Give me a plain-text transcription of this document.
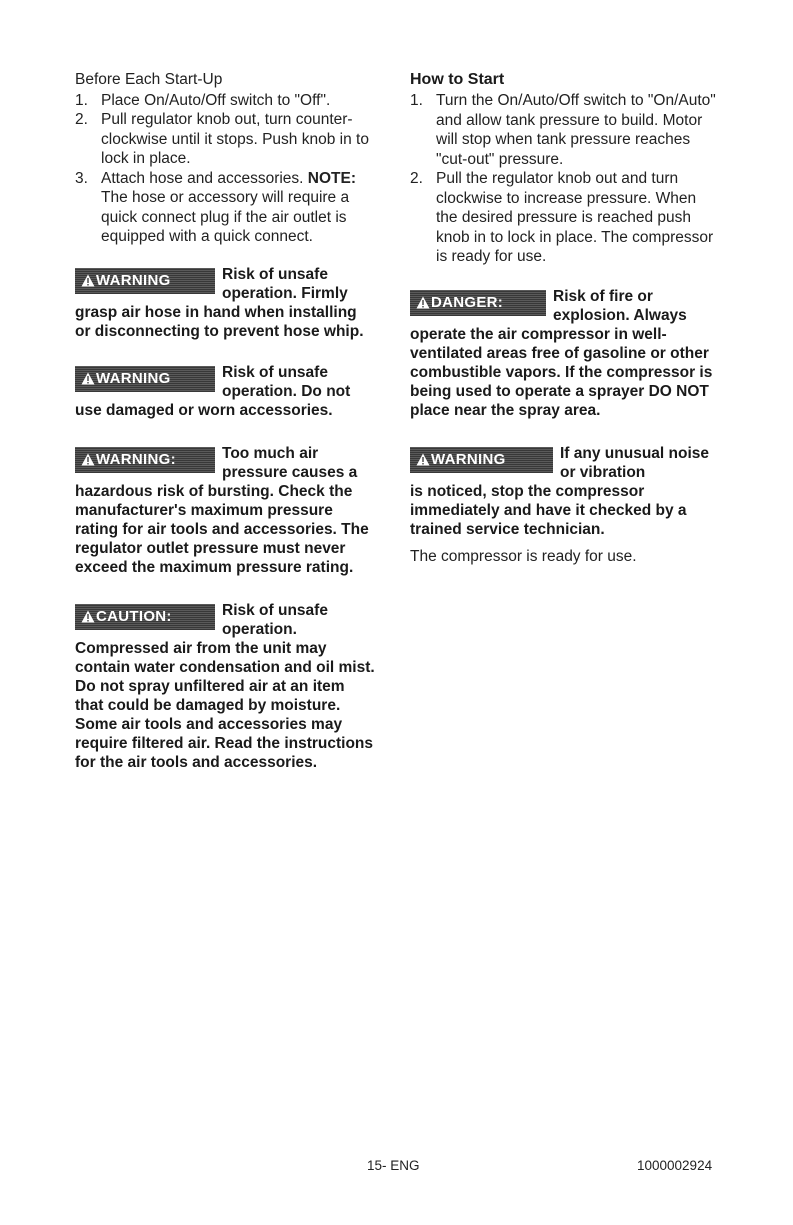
Before Each Start-Up
1. Place On/Auto/Off switch to "Off".
2. Pull regulator knob out, turn counter-clockwise until it stops. Push knob in to lock in place.
3. Attach hose and accessories. NOTE: The hose or accessory will require a quick connect plug if the air outlet is equipped with a quick connect.
WARNING	Risk of unsafe operation. Firmly
grasp air hose in hand when installing or disconnecting to prevent hose whip.
WARNING	Risk of unsafe operation. Do not
use damaged or worn accessories.
WARNING:	Too much air pressure causes a
hazardous risk of bursting. Check the manufacturer's maximum pressure rating for air tools and accessories. The regulator outlet pressure must never exceed the maximum pressure rating.
CAUTION:	Risk of unsafe operation.
Compressed air from the unit may contain water condensation and oil mist. Do not spray unfiltered air at an item that could be damaged by moisture. Some air tools and accessories may require filtered air. Read the instructions for the air tools and accessories.
How to Start
1. Turn the On/Auto/Off switch to "On/Auto" and allow tank pressure to build. Motor will stop when tank pressure reaches "cut-out" pressure.
2. Pull the regulator knob out and turn clockwise to increase pressure. When the desired pressure is reached push knob in to lock in place. The compressor is ready for use.
DANGER:	Risk of fire or explosion. Always
operate the air compressor in well-ventilated areas free of gasoline or other combustible vapors. If the compressor is being used to operate a sprayer DO NOT place near the spray area.
WARNING	If any unusual noise or vibration
is noticed, stop the compressor immediately and have it checked by a trained service technician.
The compressor is ready for use.
15- ENG	1000002924
